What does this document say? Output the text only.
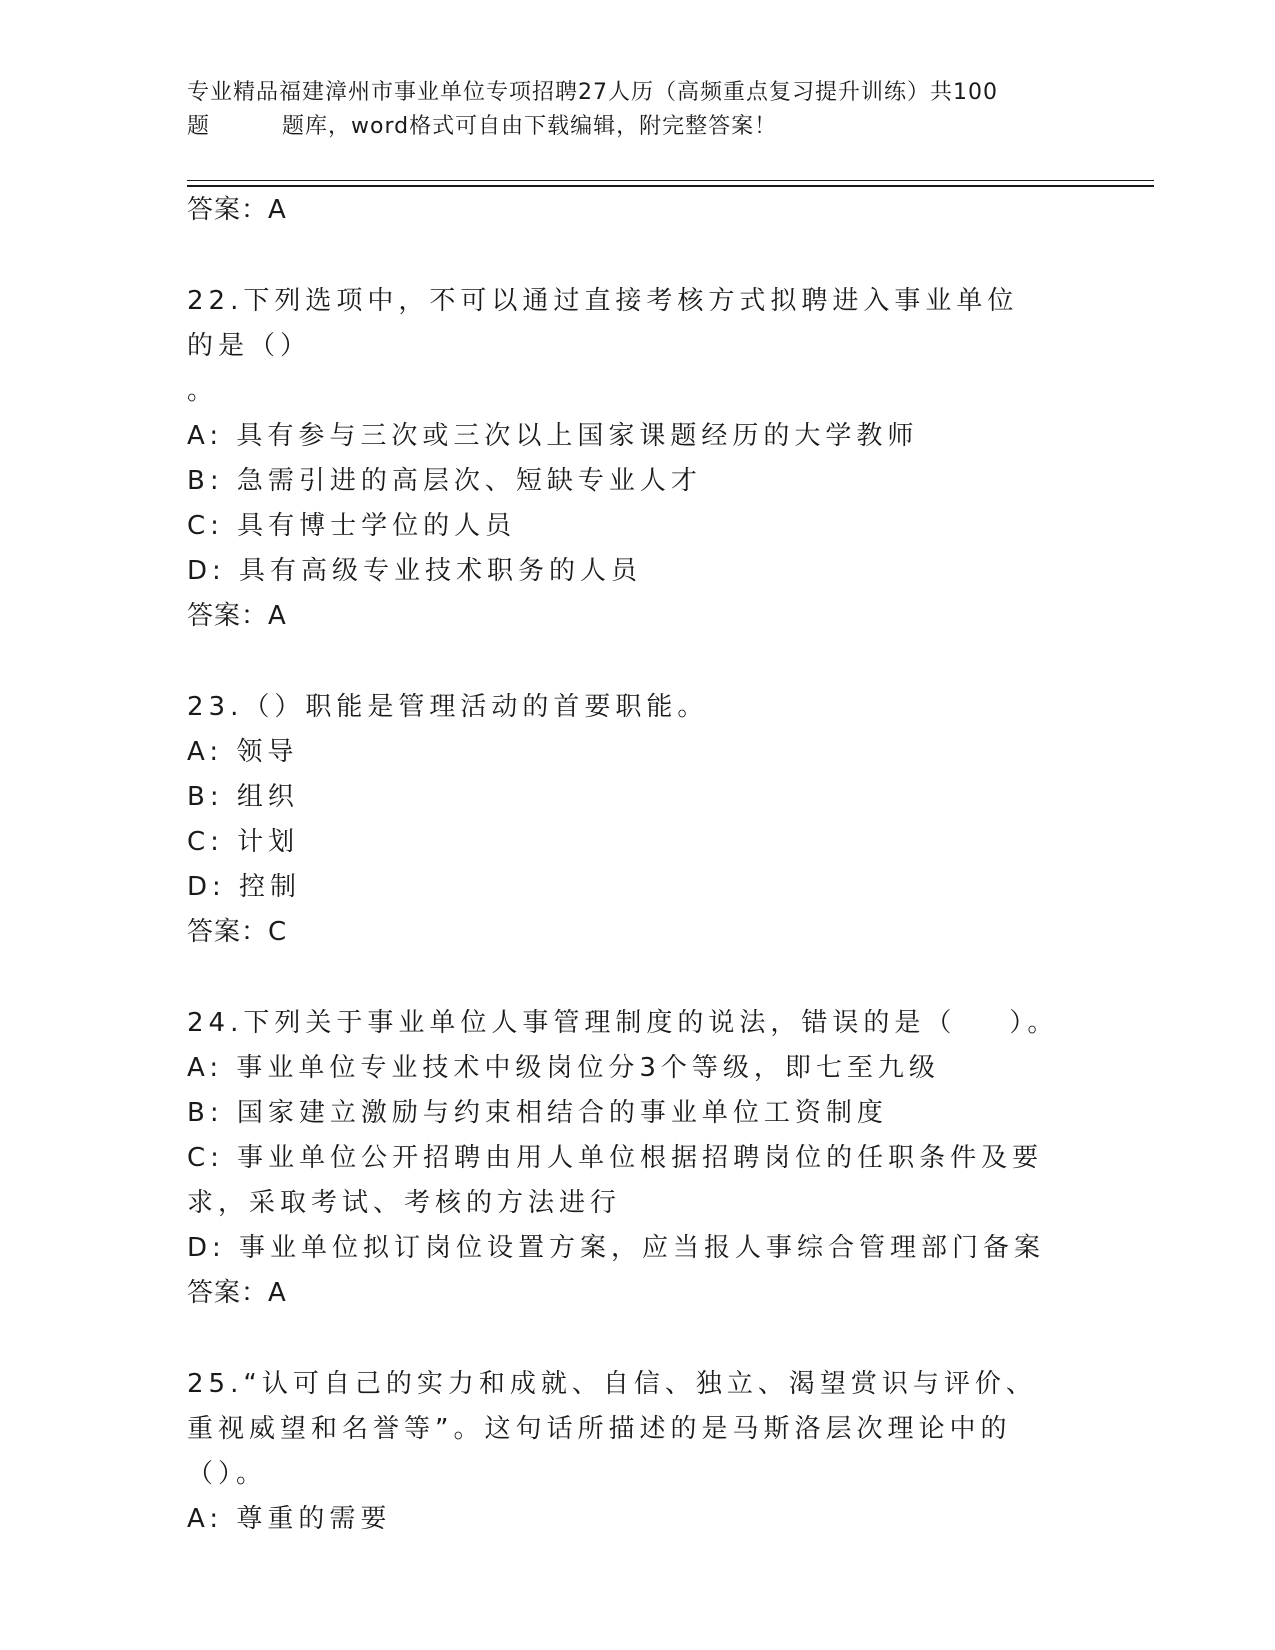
专业精品福建漳州市事业单位专项招聘27人历（高频重点复习提升训练）共100
题	题库，word格式可自由下载编辑，附完整答案！
答案：A
22.下列选项中，不可以通过直接考核方式拟聘进入事业单位的是（）
。
A: 具有参与三次或三次以上国家课题经历的大学教师
B: 急需引进的高层次、短缺专业人才
C: 具有博士学位的人员
D: 具有高级专业技术职务的人员
答案：A
23.（）职能是管理活动的首要职能。
A: 领导
B: 组织
C: 计划
D: 控制
答案：C
24.下列关于事业单位人事管理制度的说法，错误的是（    ）。
A: 事业单位专业技术中级岗位分3个等级，即七至九级
B: 国家建立激励与约束相结合的事业单位工资制度
C: 事业单位公开招聘由用人单位根据招聘岗位的任职条件及要求，采取考试、考核的方法进行
D: 事业单位拟订岗位设置方案，应当报人事综合管理部门备案
答案：A
25.“认可自己的实力和成就、自信、独立、渴望赏识与评价、重视威望和名誉等”。这句话所描述的是马斯洛层次理论中的（）。
A: 尊重的需要
